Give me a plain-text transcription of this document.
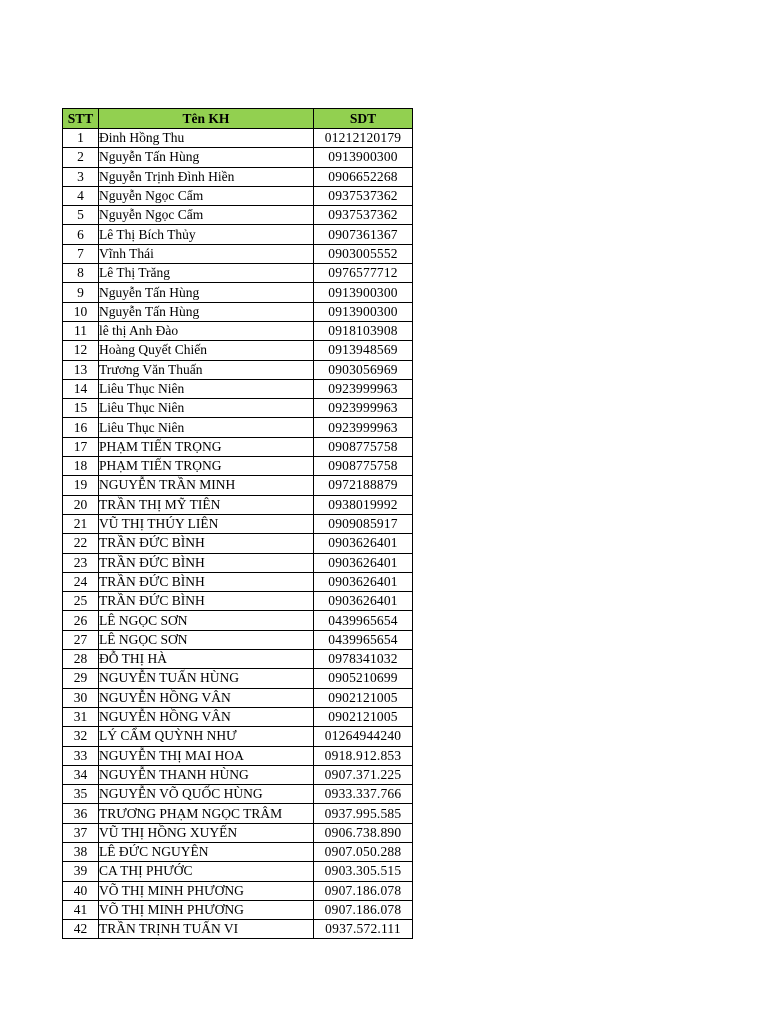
STT	Tên KH	SDT
1	Đinh Hồng Thu	01212120179
2	Nguyễn Tấn Hùng	0913900300
3	Nguyễn Trịnh Đình Hiền	0906652268
4	Nguyễn Ngọc Cẩm	0937537362
5	Nguyễn Ngọc Cẩm	0937537362
6	Lê Thị Bích Thủy	0907361367
7	Vĩnh Thái	0903005552
8	Lê Thị Trăng	0976577712
9	Nguyễn Tấn Hùng	0913900300
10	Nguyễn Tấn Hùng	0913900300
11	lê thị Anh Đào	0918103908
12	Hoàng Quyết Chiến	0913948569
13	Trương Văn Thuấn	0903056969
14	Liêu Thục Niên	0923999963
15	Liêu Thục Niên	0923999963
16	Liêu Thục Niên	0923999963
17	PHẠM TIẾN TRỌNG	0908775758
18	PHẠM TIẾN TRỌNG	0908775758
19	NGUYỄN TRẦN MINH	0972188879
20	TRẦN THỊ MỸ TIÊN	0938019992
21	VŨ THỊ THÚY LIÊN	0909085917
22	TRẦN ĐỨC BÌNH	0903626401
23	TRẦN ĐỨC BÌNH	0903626401
24	TRẦN ĐỨC BÌNH	0903626401
25	TRẦN ĐỨC BÌNH	0903626401
26	LÊ NGỌC SƠN	0439965654
27	LÊ NGỌC SƠN	0439965654
28	ĐỖ THỊ HÀ	0978341032
29	NGUYỄN TUẤN HÙNG	0905210699
30	NGUYỄN HỒNG VÂN	0902121005
31	NGUYỄN HỒNG VÂN	0902121005
32	LÝ CẨM QUỲNH NHƯ	01264944240
33	NGUYỄN THỊ MAI HOA	0918.912.853
34	NGUYỄN THANH HÙNG	0907.371.225
35	NGUYỄN VÕ QUỐC HÙNG	0933.337.766
36	TRƯƠNG PHẠM NGỌC TRÂM	0937.995.585
37	VŨ THỊ HỒNG XUYẾN	0906.738.890
38	LÊ ĐỨC NGUYÊN	0907.050.288
39	CA THỊ PHƯỚC	0903.305.515
40	VÕ THỊ MINH PHƯƠNG	0907.186.078
41	VÕ THỊ MINH PHƯƠNG	0907.186.078
42	TRẦN TRỊNH TUẤN VI	0937.572.111
